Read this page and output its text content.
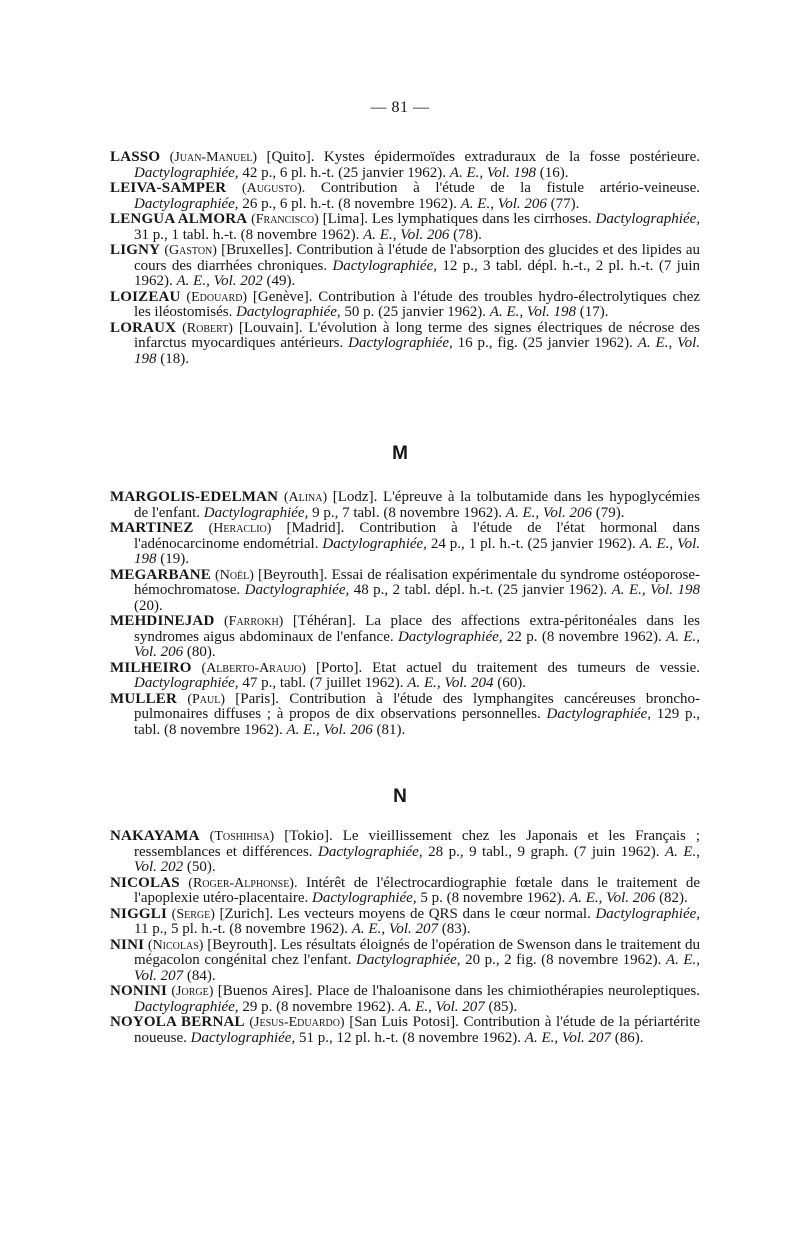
— 81 —
LASSO (Juan-Manuel) [Quito]. Kystes épidermoïdes extraduraux de la fosse postérieure. Dactylographiée, 42 p., 6 pl. h.-t. (25 janvier 1962). A. E., Vol. 198 (16).
LEIVA-SAMPER (Augusto). Contribution à l'étude de la fistule artério-veineuse. Dactylographiée, 26 p., 6 pl. h.-t. (8 novembre 1962). A. E., Vol. 206 (77).
LENGUA ALMORA (Francisco) [Lima]. Les lymphatiques dans les cirrhoses. Dactylographiée, 31 p., 1 tabl. h.-t. (8 novembre 1962). A. E., Vol. 206 (78).
LIGNY (Gaston) [Bruxelles]. Contribution à l'étude de l'absorption des glucides et des lipides au cours des diarrhées chroniques. Dactylographiée, 12 p., 3 tabl. dépl. h.-t., 2 pl. h.-t. (7 juin 1962). A. E., Vol. 202 (49).
LOIZEAU (Edouard) [Genève]. Contribution à l'étude des troubles hydro-électrolytiques chez les iléostomisés. Dactylographiée, 50 p. (25 janvier 1962). A. E., Vol. 198 (17).
LORAUX (Robert) [Louvain]. L'évolution à long terme des signes électriques de nécrose des infarctus myocardiques antérieurs. Dactylographiée, 16 p., fig. (25 janvier 1962). A. E., Vol. 198 (18).
M
MARGOLIS-EDELMAN (Alina) [Lodz]. L'épreuve à la tolbutamide dans les hypoglycémies de l'enfant. Dactylographiée, 9 p., 7 tabl. (8 novembre 1962). A. E., Vol. 206 (79).
MARTINEZ (Heraclio) [Madrid]. Contribution à l'étude de l'état hormonal dans l'adénocarcinome endométrial. Dactylographiée, 24 p., 1 pl. h.-t. (25 janvier 1962). A. E., Vol. 198 (19).
MEGARBANE (Noël) [Beyrouth]. Essai de réalisation expérimentale du syndrome ostéoporose-hémochromatose. Dactylographiée, 48 p., 2 tabl. dépl. h.-t. (25 janvier 1962). A. E., Vol. 198 (20).
MEHDINEJAD (Farrokh) [Téhéran]. La place des affections extra-péritonéales dans les syndromes aigus abdominaux de l'enfance. Dactylographiée, 22 p. (8 novembre 1962). A. E., Vol. 206 (80).
MILHEIRO (Alberto-Araujo) [Porto]. Etat actuel du traitement des tumeurs de vessie. Dactylographiée, 47 p., tabl. (7 juillet 1962). A. E., Vol. 204 (60).
MULLER (Paul) [Paris]. Contribution à l'étude des lymphangites cancéreuses broncho-pulmonaires diffuses ; à propos de dix observations personnelles. Dactylographiée, 129 p., tabl. (8 novembre 1962). A. E., Vol. 206 (81).
N
NAKAYAMA (Toshihisa) [Tokio]. Le vieillissement chez les Japonais et les Français ; ressemblances et différences. Dactylographiée, 28 p., 9 tabl., 9 graph. (7 juin 1962). A. E., Vol. 202 (50).
NICOLAS (Roger-Alphonse). Intérêt de l'électrocardiographie fœtale dans le traitement de l'apoplexie utéro-placentaire. Dactylographiée, 5 p. (8 novembre 1962). A. E., Vol. 206 (82).
NIGGLI (Serge) [Zurich]. Les vecteurs moyens de QRS dans le cœur normal. Dactylographiée, 11 p., 5 pl. h.-t. (8 novembre 1962). A. E., Vol. 207 (83).
NINI (Nicolas) [Beyrouth]. Les résultats éloignés de l'opération de Swenson dans le traitement du mégacolon congénital chez l'enfant. Dactylographiée, 20 p., 2 fig. (8 novembre 1962). A. E., Vol. 207 (84).
NONINI (Jorge) [Buenos Aires]. Place de l'haloanisone dans les chimiothérapies neuroleptiques. Dactylographiée, 29 p. (8 novembre 1962). A. E., Vol. 207 (85).
NOYOLA BERNAL (Jesus-Eduardo) [San Luis Potosi]. Contribution à l'étude de la périartérite noueuse. Dactylographiée, 51 p., 12 pl. h.-t. (8 novembre 1962). A. E., Vol. 207 (86).
